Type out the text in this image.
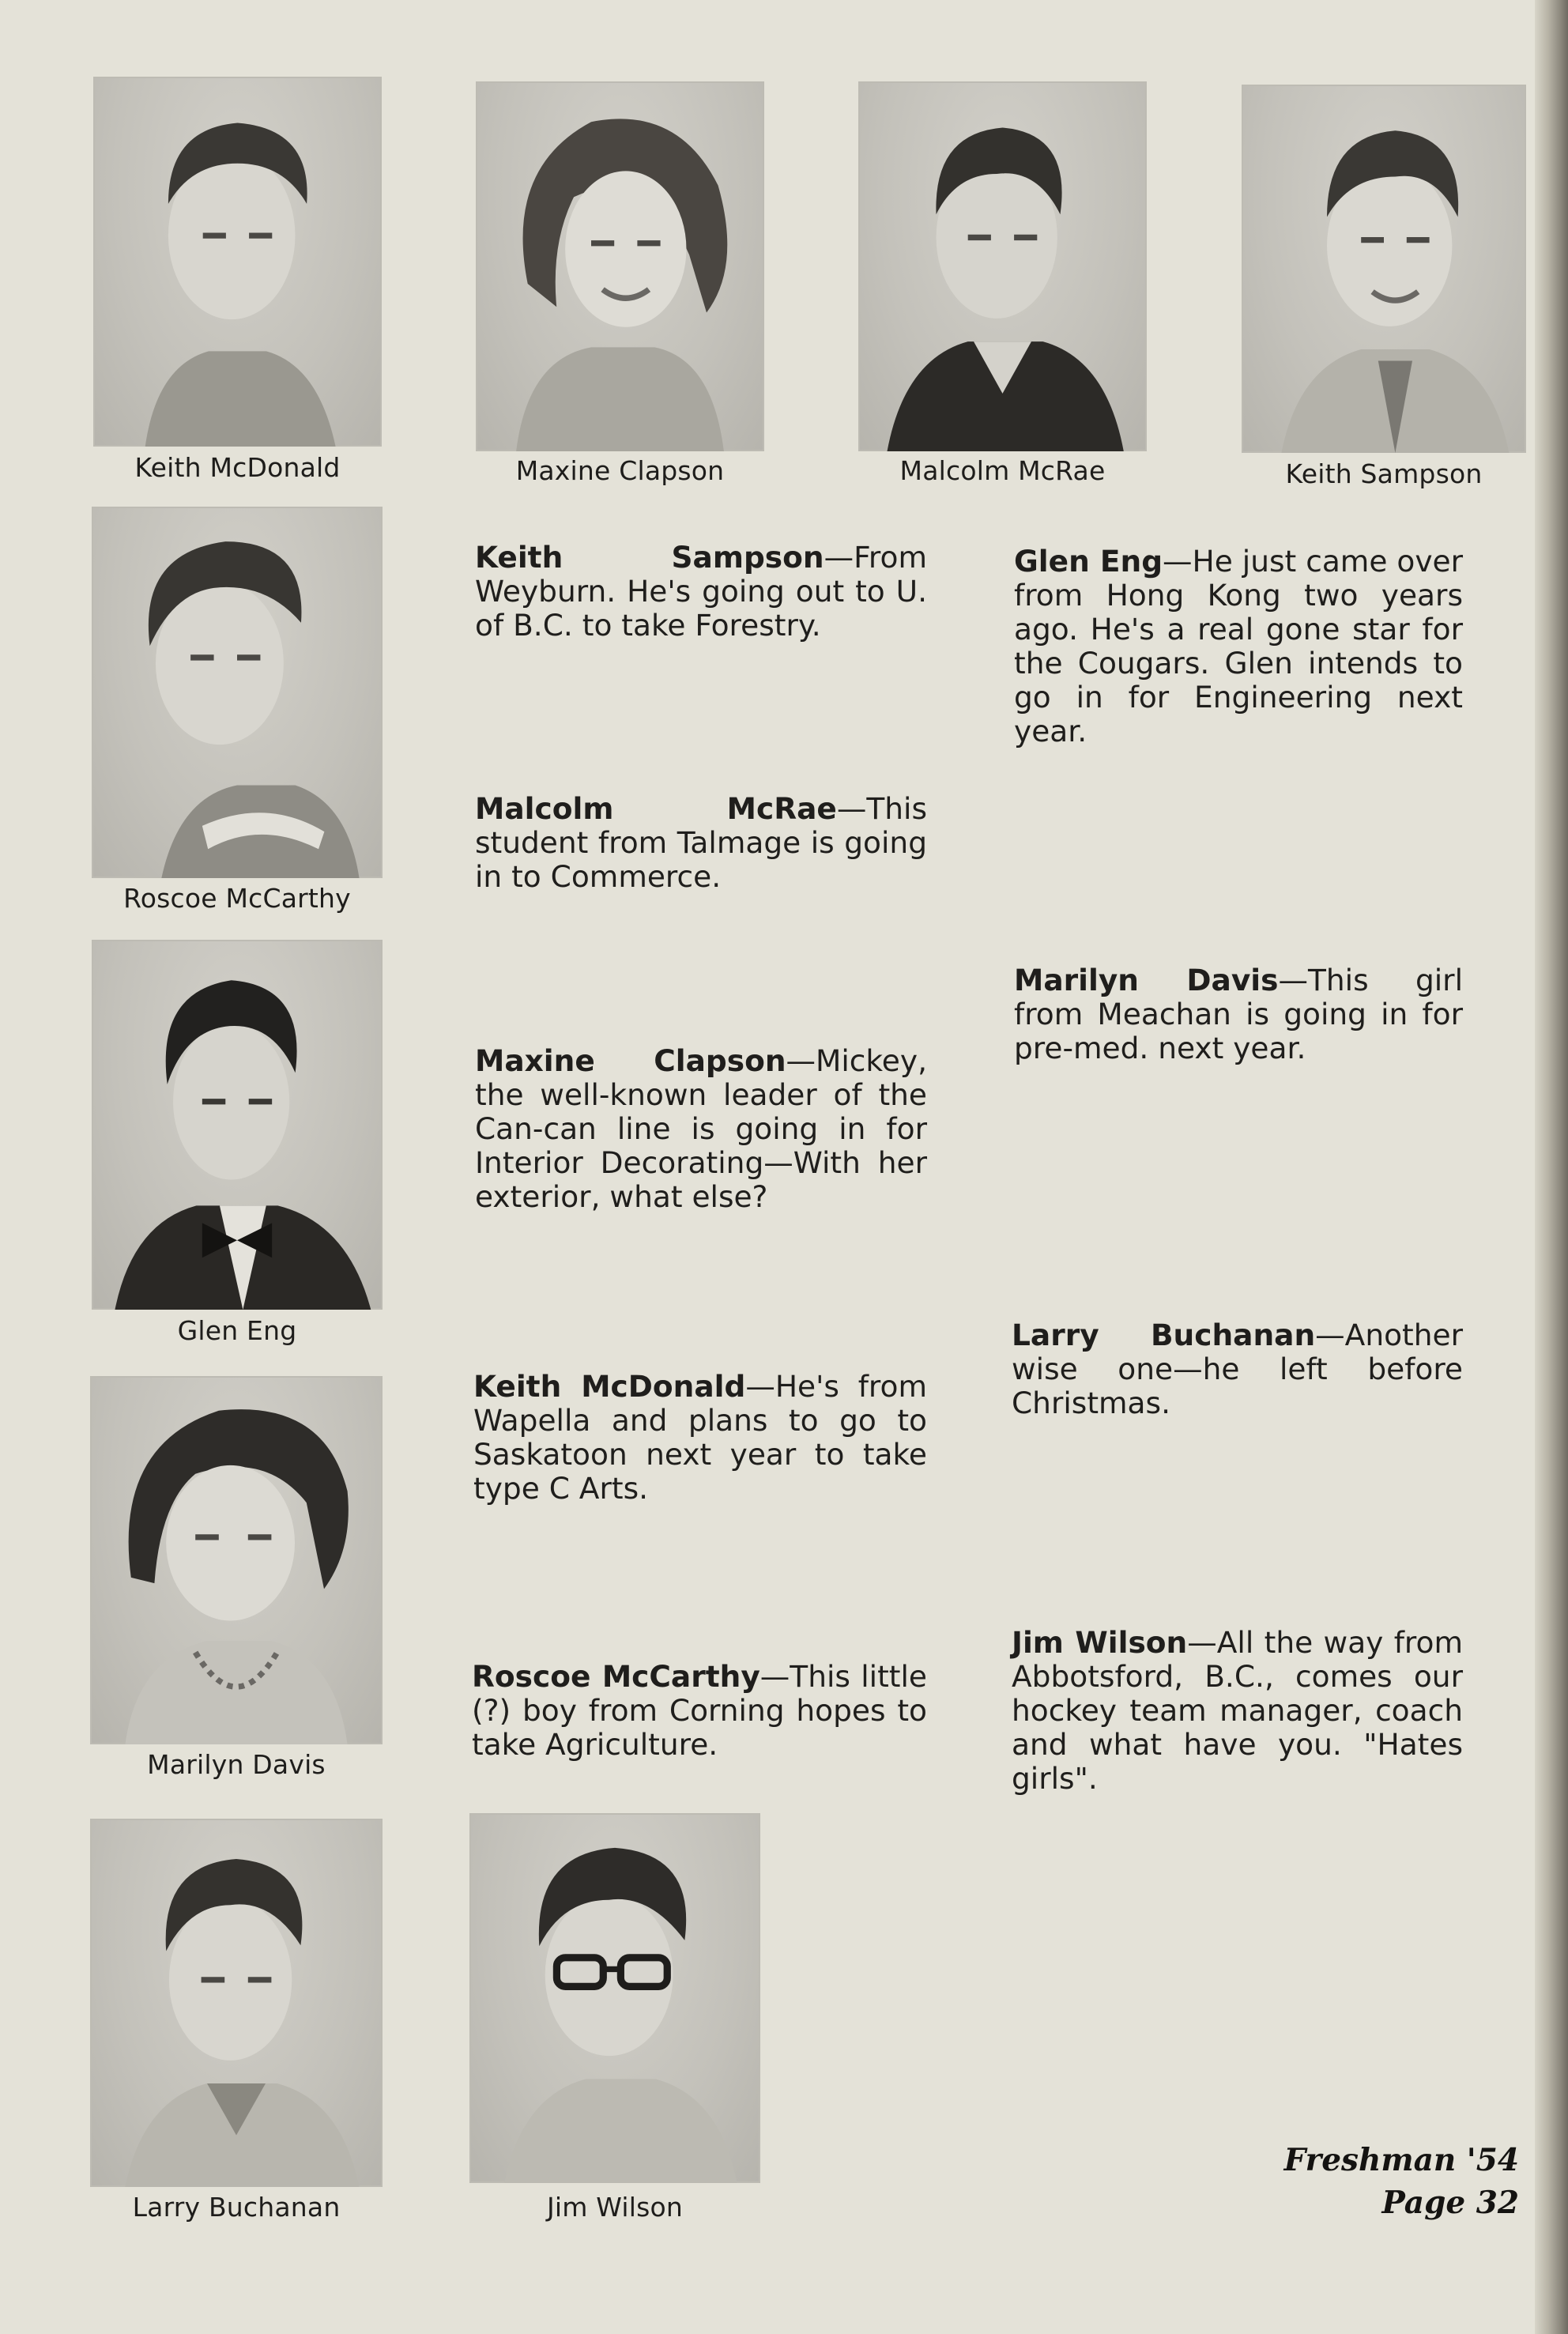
Keith McDonald	Maxine Clapson	Malcolm McRae	Keith Sampson
Roscoe McCarthy
Glen Eng
Marilyn Davis
Larry Buchanan	Jim Wilson
Keith Sampson—From Weyburn. He's going out to U. of B.C. to take Forestry.
Malcolm McRae—This student from Talmage is going in to Commerce.
Maxine Clapson—Mickey, the well-known leader of the Can-can line is going in for Interior Decorating—With her exterior, what else?
Keith McDonald—He's from Wapella and plans to go to Saskatoon next year to take type C Arts.
Roscoe McCarthy—This little (?) boy from Corning hopes to take Agriculture.
Glen Eng—He just came over from Hong Kong two years ago. He's a real gone star for the Cougars. Glen intends to go in for Engineering next year.
Marilyn Davis—This girl from Meachan is going in for pre-med. next year.
Larry Buchanan—Another wise one—he left before Christmas.
Jim Wilson—All the way from Abbotsford, B.C., comes our hockey team manager, coach and what have you. "Hates girls".
Freshman '54
Page 32
